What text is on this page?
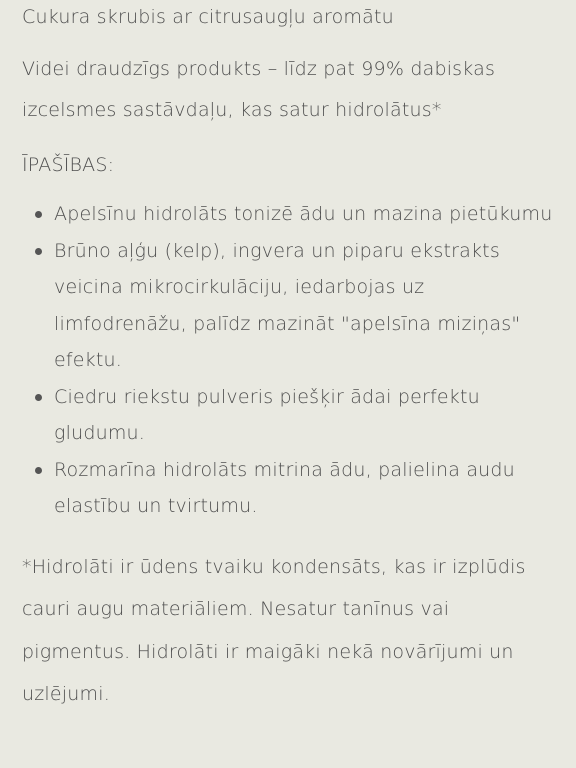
Cukura skrubis ar citrusaugļu aromātu

Videi draudzīgs produkts – līdz pat 99% dabiskas izcelsmes sastāvdaļu, kas satur hidrolātus*

ĪPAŠĪBAS:

Apelsīnu hidrolāts tonizē ādu un mazina pietūkumu
Brūno aļģu (kelp), ingvera un piparu ekstrakts veicina mikrocirkulāciju, iedarbojas uz limfodrenāžu, palīdz mazināt "apelsīna miziņas" efektu.
Ciedru riekstu pulveris piešķir ādai perfektu gludumu.
Rozmarīna hidrolāts mitrina ādu, palielina audu elastību un tvirtumu.

*Hidrolāti ir ūdens tvaiku kondensāts, kas ir izplūdis cauri augu materiāliem. Nesatur tanīnus vai pigmentus. Hidrolāti ir maigāki nekā novārījumi un uzlējumi.
